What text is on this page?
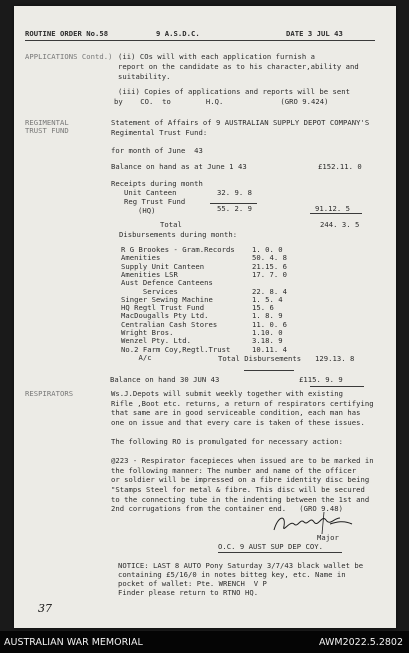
ROUTINE ORDER No.58	9 A.S.D.C.	DATE 3 JUL 43
APPLICATIONS Contd.) (ii) COs will with each application furnish a
report on the candidate as to his character,ability and
suitability.
(iii) Copies of applications and reports will be sent
by    CO.  to        H.Q.             (GRO 9.424)
REGIMENTAL
TRUST FUND
Statement of Affairs of 9 AUSTRALIAN SUPPLY DEPOT COMPANY'S
Regimental Trust Fund:
for month of June  43
Balance on hand as at June 1 43	£152.11. 0
Receipts during month
Unit Canteen	32. 9. 8
Reg Trust Fund
(HQ)	55. 2. 9	91.12. 5
Total	244. 3. 5
Disbursements during month:
R G Brookes - Gram.Records 1. 0. 0
Amenities	50. 4. 8
Supply Unit Canteen	21.15. 6
Amenities LSR	17. 7. 0
Aust Defence Canteens
Services	22. 8. 4
Singer Sewing Machine	1. 5. 4
HQ Regtl Trust Fund	15. 6
MacDougalls Pty Ltd.	1. 8. 9
Centralian Cash Stores	11. 0. 6
Wright Bros.	1.10. 0
Wenzel Pty. Ltd.	3.18. 9
No.2 Farm Coy,Regtl.Trust	10.11. 4
A/c	Total Disbursements 129.13. 8
Balance on hand 30 JUN 43	£115. 9. 9
RESPIRATORS	Ws.J.Depots will submit weekly together with existing
Rifle ,Boot etc. returns, a return of respirators certifying
that same are in good serviceable condition, each man has
one on issue and that every care is taken of these issues.
The following RO is promulgated for necessary action:
@223 - Respirator facepieces when issued are to be marked in
the following manner: The number and name of the officer
or soldier will be impressed on a fibre identity disc being
"Stamps Steel for metal & fibre. This disc will be secured
to the connecting tube in the indenting between the 1st and
2nd corrugations from the container end.   (GRO 9.48)
Major
O.C. 9 AUST SUP DEP COY.
NOTICE: LAST 8 AUTO Pony Saturday 3/7/43 black wallet be
containing £5/16/0 in notes bitteg key, etc. Name in
pocket of wallet: Pte. WRENCH  V P
Finder please return to RTNO HQ.
37
AUSTRALIAN WAR MEMORIAL	AWM2022.5.2802
